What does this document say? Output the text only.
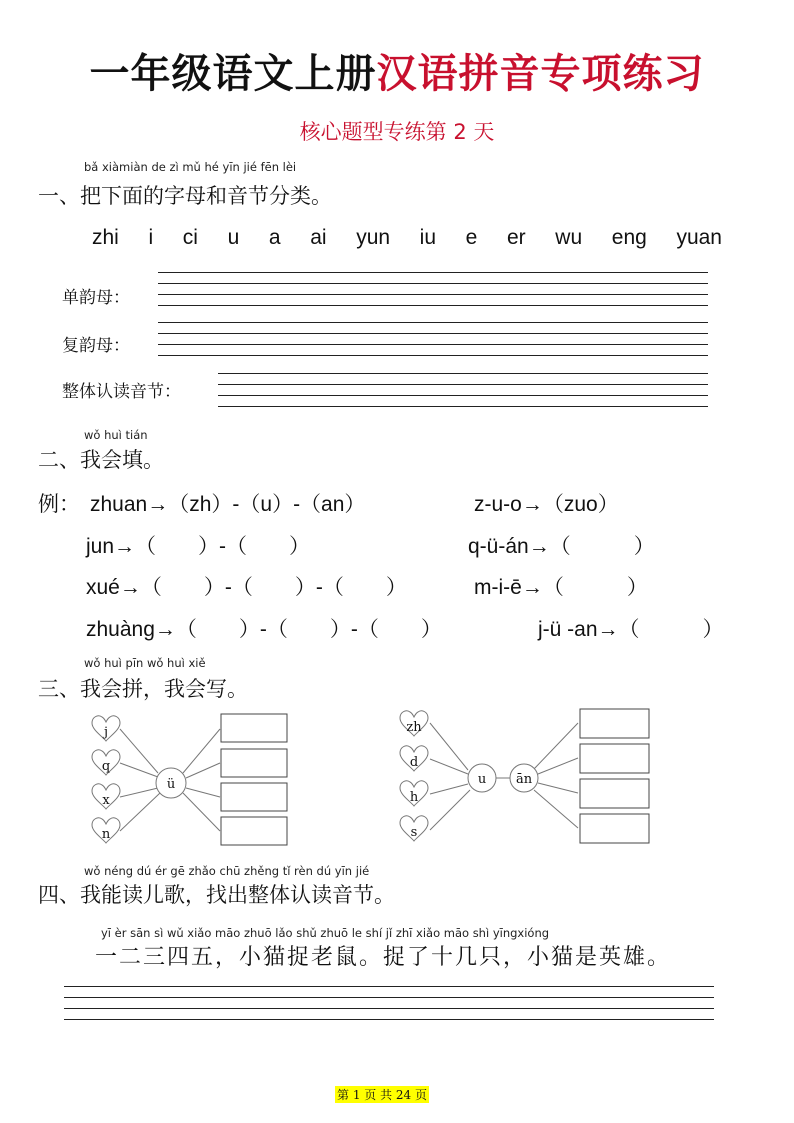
一年级语文上册汉语拼音专项练习
核心题型专练第 2 天
bǎ xiàmiàn de zì mǔ hé yīn jié fēn lèi
一、把下面的字母和音节分类。
zhi i ci u a ai yun iu e er wu eng yuan
单韵母：
复韵母：
整体认读音节：
wǒ huì tián
二、我会填。
例： zhuan→（zh）-（u）-（an）	z-u-o→（zuo）
jun→（　　）-（　　）	q-ü-án→（　　　）
xué→（　　）-（　　）-（　　）	m-i-ē→（　　　）
zhuàng→（　　）-（　　）-（　　）	j-ü -an→（　　　）
wǒ huì pīn wǒ huì xiě
三、我会拼，我会写。
j
q
x
n
ü
zh
d
h
s
u ān
wǒ néng dú ér gē zhǎo chū zhěng tǐ rèn dú yīn jié
四、我能读儿歌，找出整体认读音节。
yī èr sān sì wǔ xiǎo māo zhuō lǎo shǔ zhuō le shí jǐ zhī xiǎo māo shì yīngxióng
一二三四五，小猫捉老鼠。捉了十几只，小猫是英雄。
第 1 页 共 24 页
